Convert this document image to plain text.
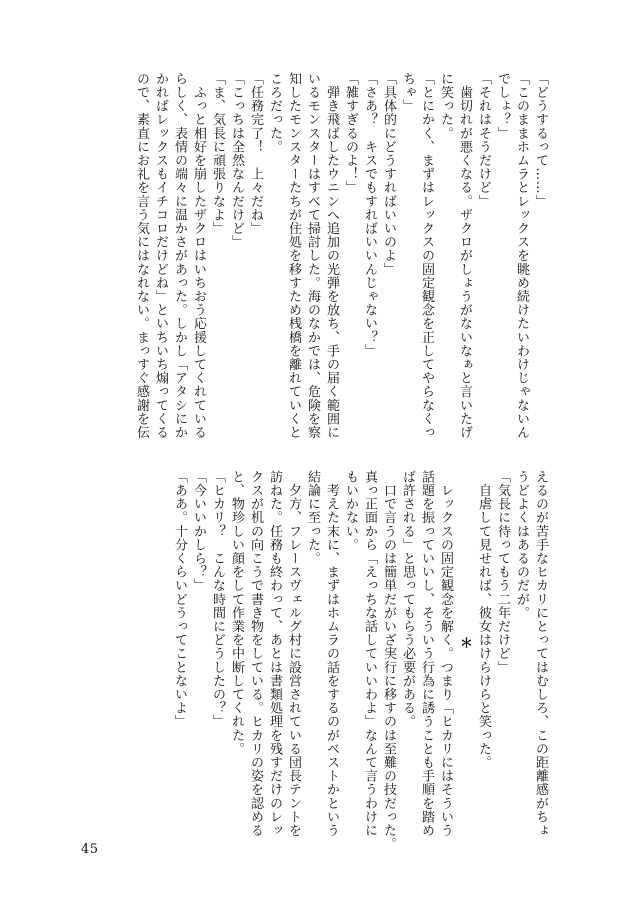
「どうするって……」
「このままホムラとレックスを眺め続けたいわけじゃないん
でしょ？」
「それはそうだけど」
　歯切れが悪くなる。ザクロがしょうがないなぁと言いたげ
に笑った。
「とにかく、まずはレックスの固定観念を正してやらなくっ
ちゃ」
「具体的にどうすればいいのよ」
「さあ？　キスでもすればいいんじゃない？」
「雑すぎるのよ！」
　弾き飛ばしたウニンへ追加の光弾を放ち、手の届く範囲に
いるモンスターはすべて掃討した。海のなかでは、危険を察
知したモンスターたちが住処を移すため桟橋を離れていくと
ころだった。
「任務完了！　上々だね」
「こっちは全然なんだけど」
「ま、気長に頑張りなよ」
　ふっと相好を崩したザクロはいちおう応援してくれている
らしく、表情の端々に温かさがあった。しかし「アタシにか
かればレックスもイチコロだけどね」といちいち煽ってくる
ので、素直にお礼を言う気にはなれない。まっすぐ感謝を伝
えるのが苦手なヒカリにとってはむしろ、この距離感がちょ
うどよくはあるのだが。
「気長に待ってもう二年だけど」
　自虐して見せれば、彼女はけらけらと笑った。
＊
　レックスの固定観念を解く。つまり「ヒカリにはそういう
話題を振っていいし、そういう行為に誘うことも手順を踏め
ば許される」と思ってもらう必要がある。
　口で言うのは簡単だがいざ実行に移すのは至難の技だった。
真っ正面から「えっちな話していいわよ」なんて言うわけに
もいかない。
　考えた末に、まずはホムラの話をするのがベストかという
結論に至った。
　夕方、フレースヴェルグ村に設営されている団長テントを
訪ねた。任務も終わって、あとは書類処理を残すだけのレッ
クスが机の向こうで書き物をしている。ヒカリの姿を認める
と、物珍しい顔をして作業を中断してくれた。
「ヒカリ？　こんな時間にどうしたの？」
「今いいかしら？」
「ああ。十分くらいどうってことないよ」
45
